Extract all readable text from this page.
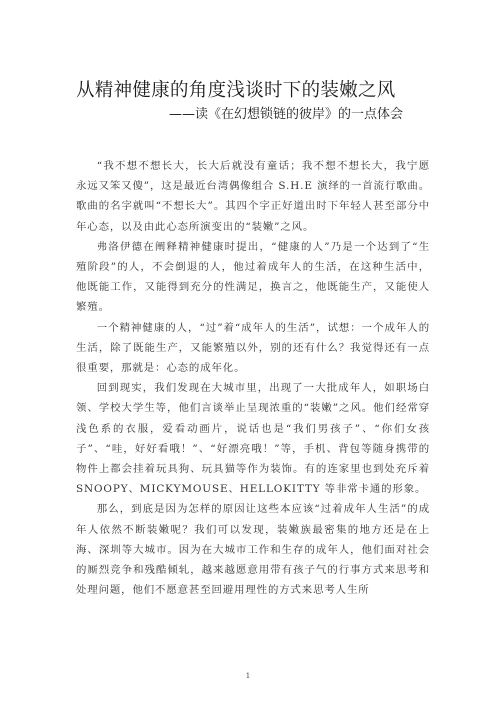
从精神健康的角度浅谈时下的装嫩之风
——读《在幻想锁链的彼岸》的一点体会

“我不想不想长大，长大后就没有童话；我不想不想长大，我宁愿永远又笨又傻”，这是最近台湾偶像组合 S.H.E 演绎的一首流行歌曲。歌曲的名字就叫“不想长大”。其四个字正好道出时下年轻人甚至部分中年心态，以及由此心态所演变出的“装嫩”之风。

弗洛伊德在阐释精神健康时提出，“健康的人”乃是一个达到了“生殖阶段”的人，不会倒退的人，他过着成年人的生活，在这种生活中，他既能工作，又能得到充分的性满足，换言之，他既能生产，又能使人繁殖。

一个精神健康的人，“过”着“成年人的生活”，试想：一个成年人的生活，除了既能生产，又能繁殖以外，别的还有什么？我觉得还有一点很重要，那就是：心态的成年化。

回到现实，我们发现在大城市里，出现了一大批成年人，如职场白领、学校大学生等，他们言谈举止呈现浓重的“装嫩”之风。他们经常穿浅色系的衣服，爱看动画片，说话也是“我们男孩子”、“你们女孩子”、“哇，好好看哦！”、“好漂亮哦！”等，手机、背包等随身携带的物件上都会挂着玩具狗、玩具猫等作为装饰。有的连家里也到处充斥着 SNOOPY、MICKYMOUSE、HELLOKITTY 等非常卡通的形象。

那么，到底是因为怎样的原因让这些本应该“过着成年人生活”的成年人依然不断装嫩呢？我们可以发现，装嫩族最密集的地方还是在上海、深圳等大城市。因为在大城市工作和生存的成年人，他们面对社会的厮烈竞争和残酷倾轧，越来越愿意用带有孩子气的行事方式来思考和处理问题，他们不愿意甚至回避用理性的方式来思考人生所

1
